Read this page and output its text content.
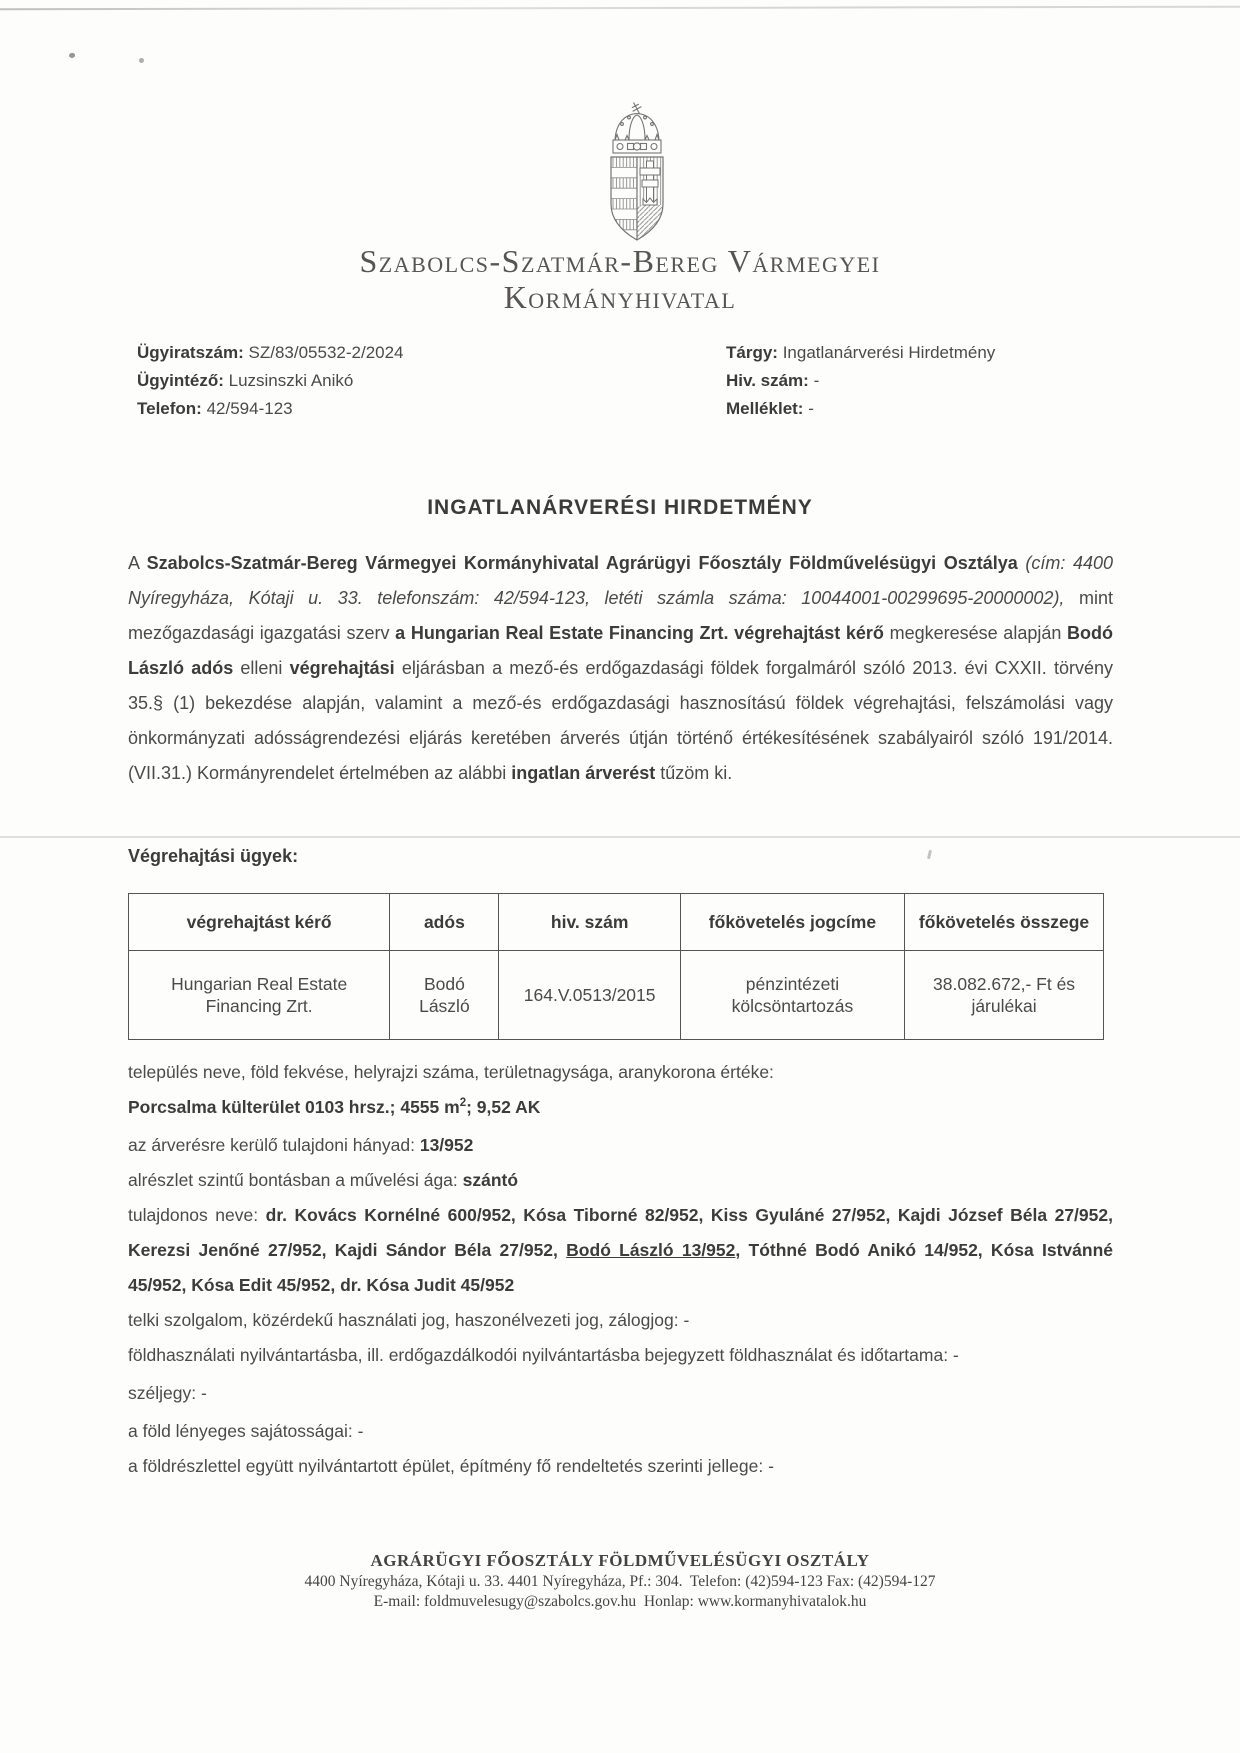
Szabolcs-Szatmár-Bereg Vármegyei
Kormányhivatal
Ügyiratszám: SZ/83/05532-2/2024
Ügyintéző: Luzsinszki Anikó
Telefon: 42/594-123
Tárgy: Ingatlanárverési Hirdetmény
Hiv. szám: -
Melléklet: -
INGATLANÁRVERÉSI HIRDETMÉNY
A Szabolcs-Szatmár-Bereg Vármegyei Kormányhivatal Agrárügyi Főosztály Földművelésügyi Osztálya (cím: 4400 Nyíregyháza, Kótaji u. 33. telefonszám: 42/594-123, letéti számla száma: 10044001-00299695-20000002), mint mezőgazdasági igazgatási szerv a Hungarian Real Estate Financing Zrt. végrehajtást kérő megkeresése alapján Bodó László adós elleni végrehajtási eljárásban a mező-és erdőgazdasági földek forgalmáról szóló 2013. évi CXXII. törvény 35.§ (1) bekezdése alapján, valamint a mező-és erdőgazdasági hasznosítású földek végrehajtási, felszámolási vagy önkormányzati adósságrendezési eljárás keretében árverés útján történő értékesítésének szabályairól szóló 191/2014. (VII.31.) Kormányrendelet értelmében az alábbi ingatlan árverést tűzöm ki.
Végrehajtási ügyek:
végrehajtást kérő	adós	hiv. szám	főkövetelés jogcíme	főkövetelés összege
Hungarian Real Estate Financing Zrt.	Bodó László	164.V.0513/2015	pénzintézeti kölcsöntartozás	38.082.672,- Ft és járulékai
település neve, föld fekvése, helyrajzi száma, területnagysága, aranykorona értéke:
Porcsalma külterület 0103 hrsz.; 4555 $m^2$; 9,52 AK
az árverésre kerülő tulajdoni hányad: 13/952
alrészlet szintű bontásban a művelési ága: szántó
tulajdonos neve: dr. Kovács Kornélné 600/952, Kósa Tiborné 82/952, Kiss Gyuláné 27/952, Kajdi József Béla 27/952, Kerezsi Jenőné 27/952, Kajdi Sándor Béla 27/952, Bodó László 13/952, Tóthné Bodó Anikó 14/952, Kósa Istvánné 45/952, Kósa Edit 45/952, dr. Kósa Judit 45/952
telki szolgalom, közérdekű használati jog, haszonélvezeti jog, zálogjog: -
földhasználati nyilvántartásba, ill. erdőgazdálkodói nyilvántartásba bejegyzett földhasználat és időtartama: -
széljegy: -
a föld lényeges sajátosságai: -
a földrészlettel együtt nyilvántartott épület, építmény fő rendeltetés szerinti jellege: -
AGRÁRÜGYI FŐOSZTÁLY FÖLDMŰVELÉSÜGYI OSZTÁLY
4400 Nyíregyháza, Kótaji u. 33. 4401 Nyíregyháza, Pf.: 304.  Telefon: (42)594-123 Fax: (42)594-127
E-mail: foldmuvelesugy@szabolcs.gov.hu  Honlap: www.kormanyhivatalok.hu
